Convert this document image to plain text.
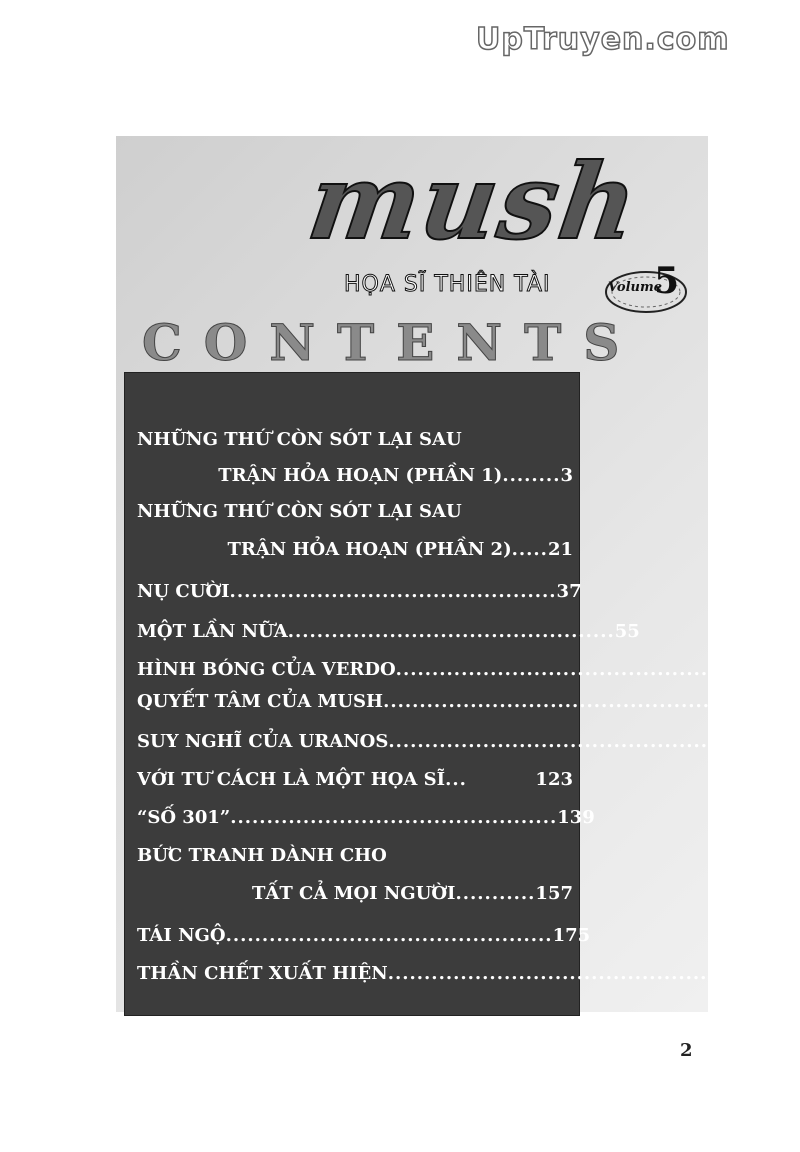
UpTruyen.com
mush
HỌA SĨ THIÊN TÀI	Volume
5
CONTENTS
NHỮNG THỨ CÒN SÓT LẠI SAU
TRẬN HỎA HOẠN (PHẦN 1) ........ 3
NHỮNG THỨ CÒN SÓT LẠI SAU
TRẬN HỎA HOẠN (PHẦN 2) ..... 21
NỤ CƯỜI ............................................. 37
MỘT LẦN NỮA ............................................. 55
HÌNH BÓNG CỦA VERDO ............................................. 71
QUYẾT TÂM CỦA MUSH ............................................. 87
SUY NGHĨ CỦA URANOS ............................................. 105
VỚI TƯ CÁCH LÀ MỘT HỌA SĨ ...	123
“SỐ 301” ............................................. 139
BỨC TRANH DÀNH CHO
TẤT CẢ MỌI NGƯỜI ........... 157
TÁI NGỘ ............................................. 175
THẦN CHẾT XUẤT HIỆN ............................................. 194
2
